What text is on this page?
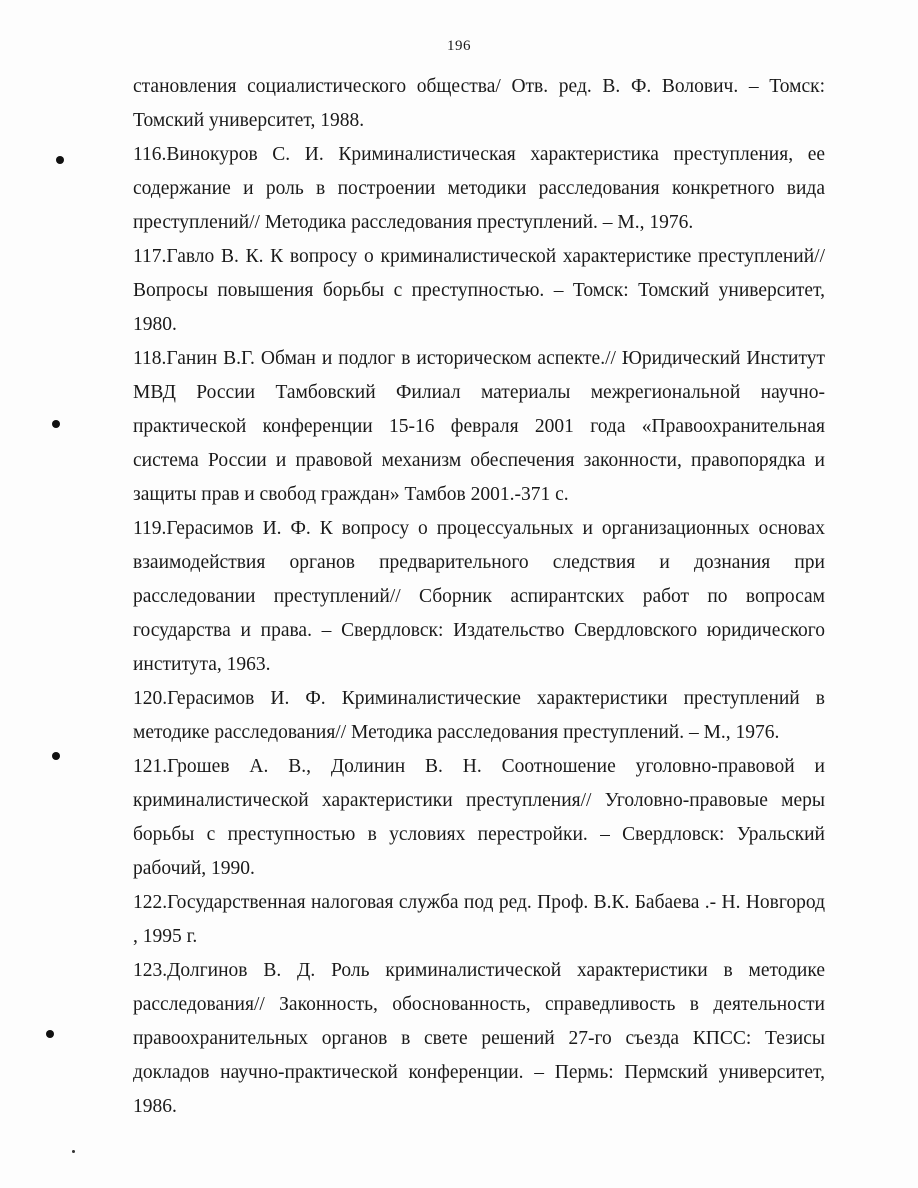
196

становления социалистического общества/ Отв. ред. В. Ф. Волович. – Томск: Томский университет, 1988.

116.Винокуров С. И. Криминалистическая характеристика преступления, ее содержание и роль в построении методики расследования конкретного вида преступлений// Методика расследования преступлений. – М., 1976.

117.Гавло В. К. К вопросу о криминалистической характеристике преступлений// Вопросы повышения борьбы с преступностью. – Томск: Томский университет, 1980.

118.Ганин В.Г. Обман и подлог в историческом аспекте.// Юридический Институт МВД России Тамбовский Филиал материалы межрегиональной научно-практической конференции 15-16 февраля 2001 года «Правоохранительная система России и правовой механизм обеспечения законности, правопорядка и защиты прав и свобод граждан» Тамбов 2001.-371 с.

119.Герасимов И. Ф. К вопросу о процессуальных и организационных основах взаимодействия органов предварительного следствия и дознания при расследовании преступлений// Сборник аспирантских работ по вопросам государства и права. – Свердловск: Издательство Свердловского юридического института, 1963.

120.Герасимов И. Ф. Криминалистические характеристики преступлений в методике расследования// Методика расследования преступлений. – М., 1976.

121.Грошев А. В., Долинин В. Н. Соотношение уголовно-правовой и криминалистической характеристики преступления// Уголовно-правовые меры борьбы с преступностью в условиях перестройки. – Свердловск: Уральский рабочий, 1990.

122.Государственная налоговая служба под ред. Проф. В.К. Бабаева .- Н. Новгород , 1995 г.

123.Долгинов В. Д. Роль криминалистической характеристики в методике расследования// Законность, обоснованность, справедливость в деятельности правоохранительных органов в свете решений 27-го съезда КПСС: Тезисы докладов научно-практической конференции. – Пермь: Пермский университет, 1986.
